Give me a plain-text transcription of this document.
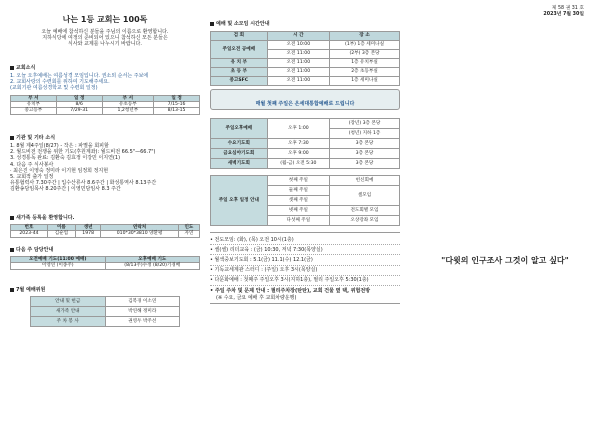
제 58 권 31 호
2023년 7월 30일
나는 1등 교회는 100독
오늘 예배에 참석하신 분들을 주님의 이름으로 환영합니다.
지하식당에 여정의 준비되어 있으니 참석하신 모든 분들은
식사와 교제를 나누시기 바랍니다.
교회소식
1. 오늘 오후예배는 여름성경 모임입니다. 권소외 순서는 주보에
2. 교회사랑의 수련회를 위하여 기도해주세요.
(교회기관 여름성경학교 및 수련회 일정)
부 서	일 정	부 서	일 정
유치부	8/6	유초등부	7/15-16
중고등부	7/29-31	1,2청년부	8/13-15
기관 및 기타 소식
1. 8월 제4주일(8/27) - 작은 : 파멸을 회피할
2. 월드비전 전쟁을 위한 기도(후원계좌): 월드비전 66.5"—66.7")
3. 성경통독 완료: 김환숙 김효정 이강민 이지연(1)
4. 다음 주 식사봉사
· 최은진 이영숙 정미라 이기현 임정희 정지현
5. 교회적 출가 일정
유통협력사 7.30주간 | 입수산류사 8.6주간 | 화성통역사 8.13주간
김환송담임목사 8.20주간 | 이영민담임사 8.3 주간
새가족 등록을 환영합니다.
번호	이름	생년	연락처	인도
2023-44	김순업	1978	010*30*3810 양환평	자연
다음 주 담당안내
오전예배 기도(11:00 예배)	오후예배 기도
이영연 (이종주)	(8/13주)수정 (8/20)기경배
7월 예배위원
안내 및 헌금	김복경 이소연
새가족 안내	박연해 정미라
주 차 봉 사	권영두 박주선
예배 및 소모임 시간안내
검 회	시 간	장 소
주일오전 공예배	오전 10:00	(1부) 1층 세미나실
	오전 11:00	(2부) 3층 본당
유 치 부	오전 11:00	1층 유치부실
초 등 부	오전 11:00	2층 초등부실
중고SFC	오전 11:00	1층 세미나실
매월 첫째 주일은 온세대통합예배로 드립니다
주일오후예배	오후 1:00	(장년) 3층 본당
		(청년) 지하 1층
수요기도회	오후 7:30	3층 본당
금요심야기도회	오후 9:00	3층 본당
새벽기도회	(월-금) 오전 5:30	3층 본당
주일 오후 일정 안내	첫째 주일	헌신회예
	둘째 주일	셀모임
	셋째 주일	
	넷째 주일	전도회별 모임
	다섯째 주일	오상강좌 모임
• 전도모임: (화), (목) 오전 10시(1층)
• 셀(셀) 리더교육 : (금) 10:30, 저녁 7:30(목양실)
• 월색중보기도회 : 5.1(금) 11.1(수) 12.1(금)
• 기독교세계관 스터디 : (주일) 오후 3시(목양실)
• 다문화예배 : 첫째주 주일오후 3시(지하1층), 필리 주일오후 5:30(1층)
• 주일 주차 및 문제 안내 : 필리주차장(탄탄), 교회 건물 옆 택, 위험전방
(※ 수요, 금요 예배 후 교회차량운행)
"다윗의 인구조사 그것이 알고 싶다"
